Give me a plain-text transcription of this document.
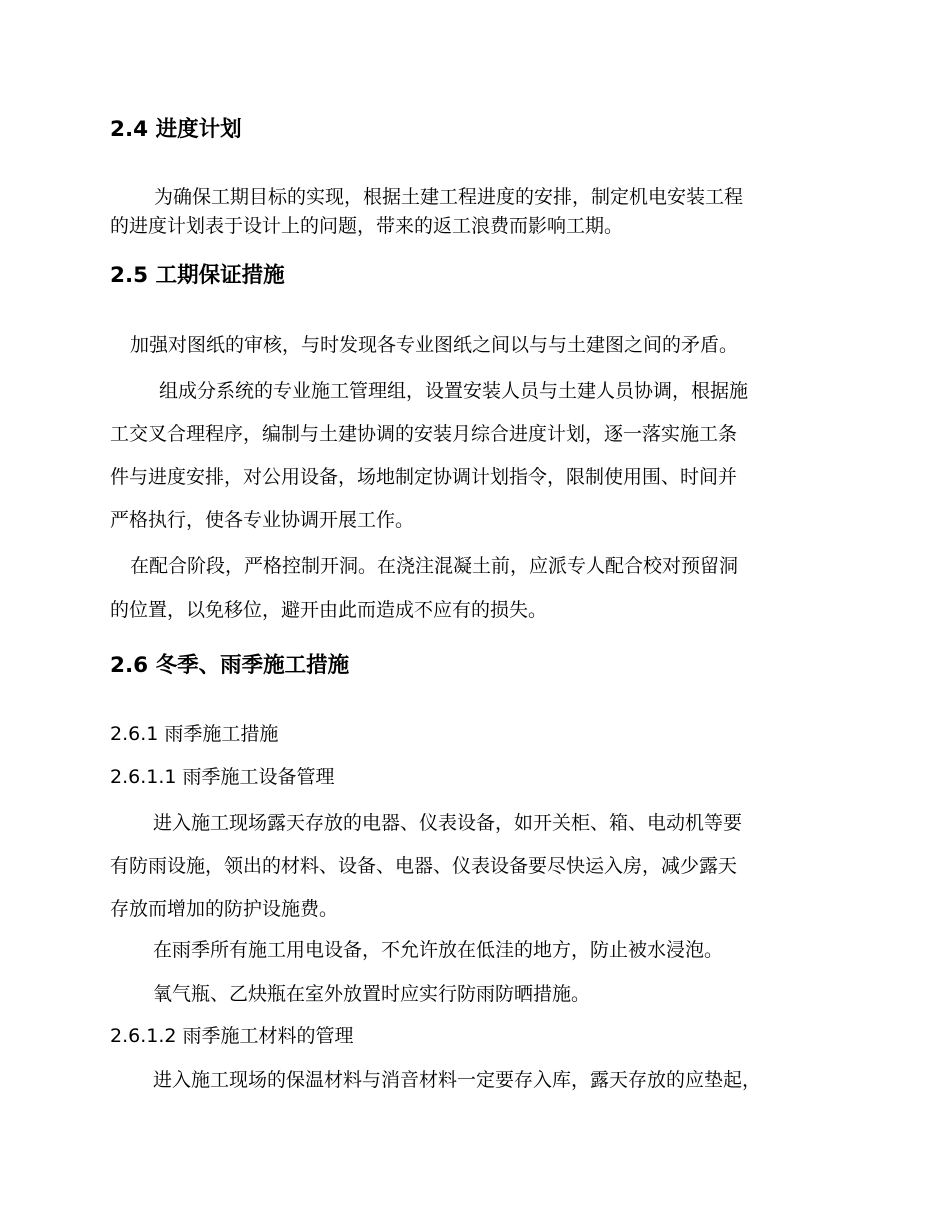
2.4 进度计划
为确保工期目标的实现，根据土建工程进度的安排，制定机电安装工程
的进度计划表于设计上的问题，带来的返工浪费而影响工期。
2.5 工期保证措施
加强对图纸的审核，与时发现各专业图纸之间以与与土建图之间的矛盾。
组成分系统的专业施工管理组，设置安装人员与土建人员协调，根据施
工交叉合理程序，编制与土建协调的安装月综合进度计划，逐一落实施工条
件与进度安排，对公用设备，场地制定协调计划指令，限制使用围、时间并
严格执行，使各专业协调开展工作。
在配合阶段，严格控制开洞。在浇注混凝土前，应派专人配合校对预留洞
的位置，以免移位，避开由此而造成不应有的损失。
2.6 冬季、雨季施工措施
2.6.1 雨季施工措施
2.6.1.1 雨季施工设备管理
进入施工现场露天存放的电器、仪表设备，如开关柜、箱、电动机等要
有防雨设施，领出的材料、设备、电器、仪表设备要尽快运入房，减少露天
存放而增加的防护设施费。
在雨季所有施工用电设备，不允许放在低洼的地方，防止被水浸泡。
氧气瓶、乙炔瓶在室外放置时应实行防雨防晒措施。
2.6.1.2 雨季施工材料的管理
进入施工现场的保温材料与消音材料一定要存入库，露天存放的应垫起，
